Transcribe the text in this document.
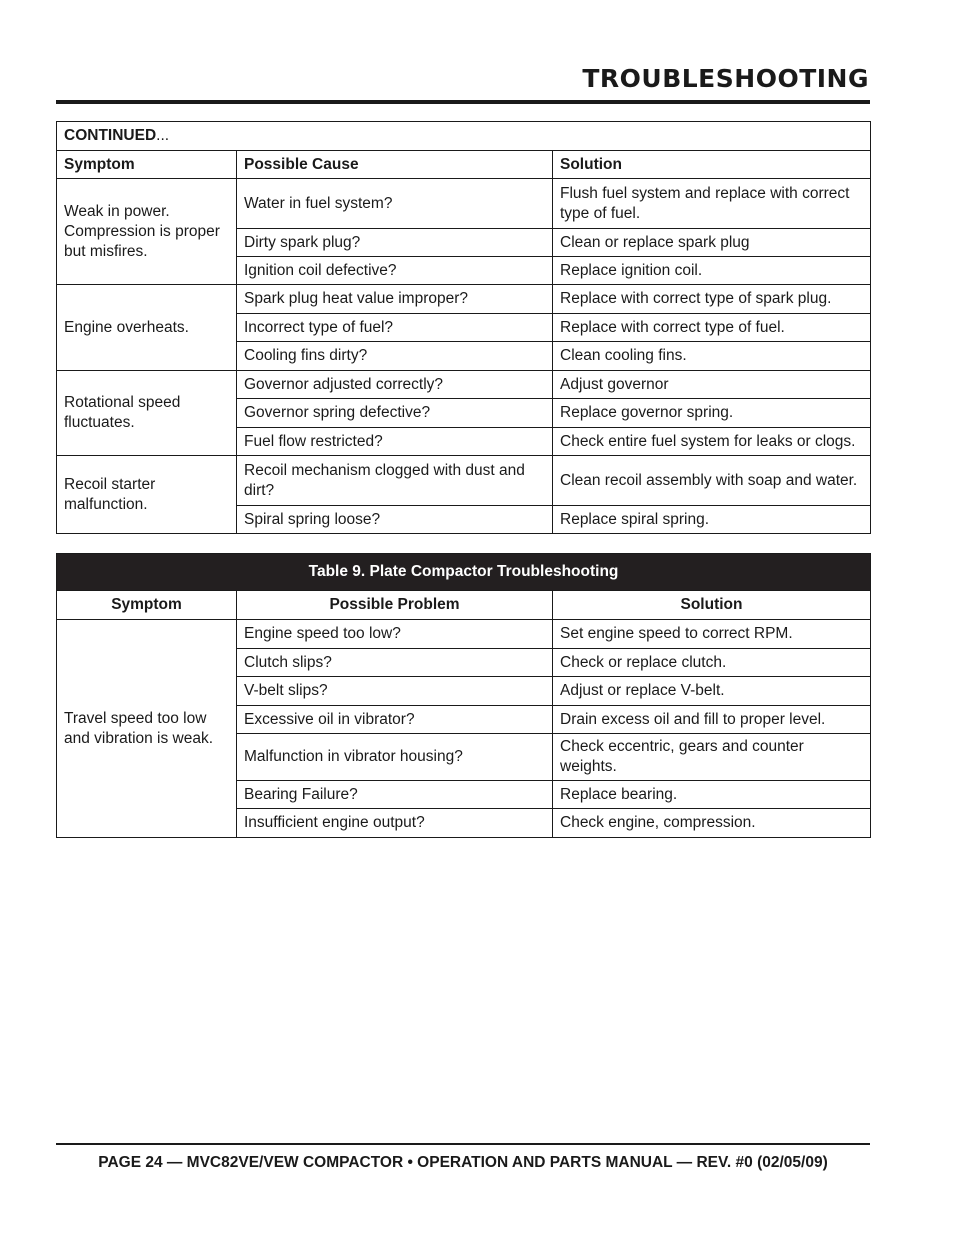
TROUBLESHOOTING
CONTINUED...		
Symptom	Possible Cause	Solution
Weak in power. Compression is proper but misfires.	Water in fuel system?	Flush fuel system and replace with correct type of fuel.
	Dirty spark plug?	Clean or replace spark plug
	Ignition coil defective?	Replace ignition coil.
Engine overheats.	Spark plug heat value improper?	Replace with correct type of spark plug.
	Incorrect type of fuel?	Replace with correct type of fuel.
	Cooling fins dirty?	Clean cooling fins.
Rotational speed fluctuates.	Governor adjusted correctly?	Adjust governor
	Governor spring defective?	Replace governor spring.
	Fuel flow restricted?	Check entire fuel system for leaks or clogs.
Recoil starter malfunction.	Recoil mechanism clogged with dust and dirt?	Clean recoil assembly with soap and water.
	Spiral spring loose?	Replace spiral spring.
Table 9. Plate Compactor Troubleshooting		
Symptom	Possible Problem	Solution
Travel speed too low and vibration is weak.	Engine speed too low?	Set engine speed to correct RPM.
	Clutch slips?	Check or replace clutch.
	V-belt slips?	Adjust or replace V-belt.
	Excessive oil in vibrator?	Drain excess oil and fill to proper level.
	Malfunction in vibrator housing?	Check eccentric, gears and counter weights.
	Bearing Failure?	Replace bearing.
	Insufficient engine output?	Check engine, compression.
PAGE 24 — MVC82VE/VEW COMPACTOR • OPERATION AND PARTS MANUAL — REV. #0 (02/05/09)
